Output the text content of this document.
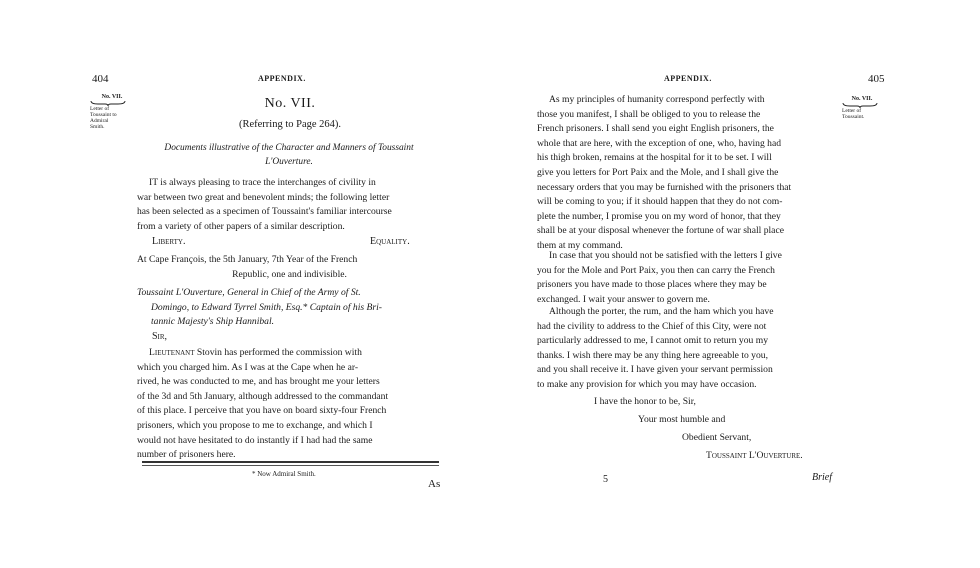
404	APPENDIX.
No. VII.
Letter of
Toussaint to
Admiral
Smith.
No. VII.
(Referring to Page 264).
Documents illustrative of the Character and Manners of Toussaint
L'Ouverture.
IT is always pleasing to trace the interchanges of civility in
war between two great and benevolent minds; the following letter
has been selected as a specimen of Toussaint's familiar intercourse
from a variety of other papers of a similar description.
Liberty.	Equality.
At Cape François, the 5th January, 7th Year of the French
Republic, one and indivisible.
Toussaint L'Ouverture, General in Chief of the Army of St.
Domingo, to Edward Tyrrel Smith, Esq.* Captain of his Bri-
tannic Majesty's Ship Hannibal.
Sir,
Lieutenant Stovin has performed the commission with
which you charged him. As I was at the Cape when he ar-
rived, he was conducted to me, and has brought me your letters
of the 3d and 5th January, although addressed to the commandant
of this place. I perceive that you have on board sixty-four French
prisoners, which you propose to me to exchange, and which I
would not have hesitated to do instantly if I had had the same
number of prisoners here.
* Now Admiral Smith.
As
APPENDIX.	405
No. VII.
Letter of
Toussaint.
As my principles of humanity correspond perfectly with
those you manifest, I shall be obliged to you to release the
French prisoners. I shall send you eight English prisoners, the
whole that are here, with the exception of one, who, having had
his thigh broken, remains at the hospital for it to be set. I will
give you letters for Port Paix and the Mole, and I shall give the
necessary orders that you may be furnished with the prisoners that
will be coming to you; if it should happen that they do not com-
plete the number, I promise you on my word of honor, that they
shall be at your disposal whenever the fortune of war shall place
them at my command.
In case that you should not be satisfied with the letters I give
you for the Mole and Port Paix, you then can carry the French
prisoners you have made to those places where they may be
exchanged. I wait your answer to govern me.
Although the porter, the rum, and the ham which you have
had the civility to address to the Chief of this City, were not
particularly addressed to me, I cannot omit to return you my
thanks. I wish there may be any thing here agreeable to you,
and you shall receive it. I have given your servant permission
to make any provision for which you may have occasion.
I have the honor to be, Sir,
Your most humble and
Obedient Servant,
Toussaint L'Ouverture.
5	Brief
